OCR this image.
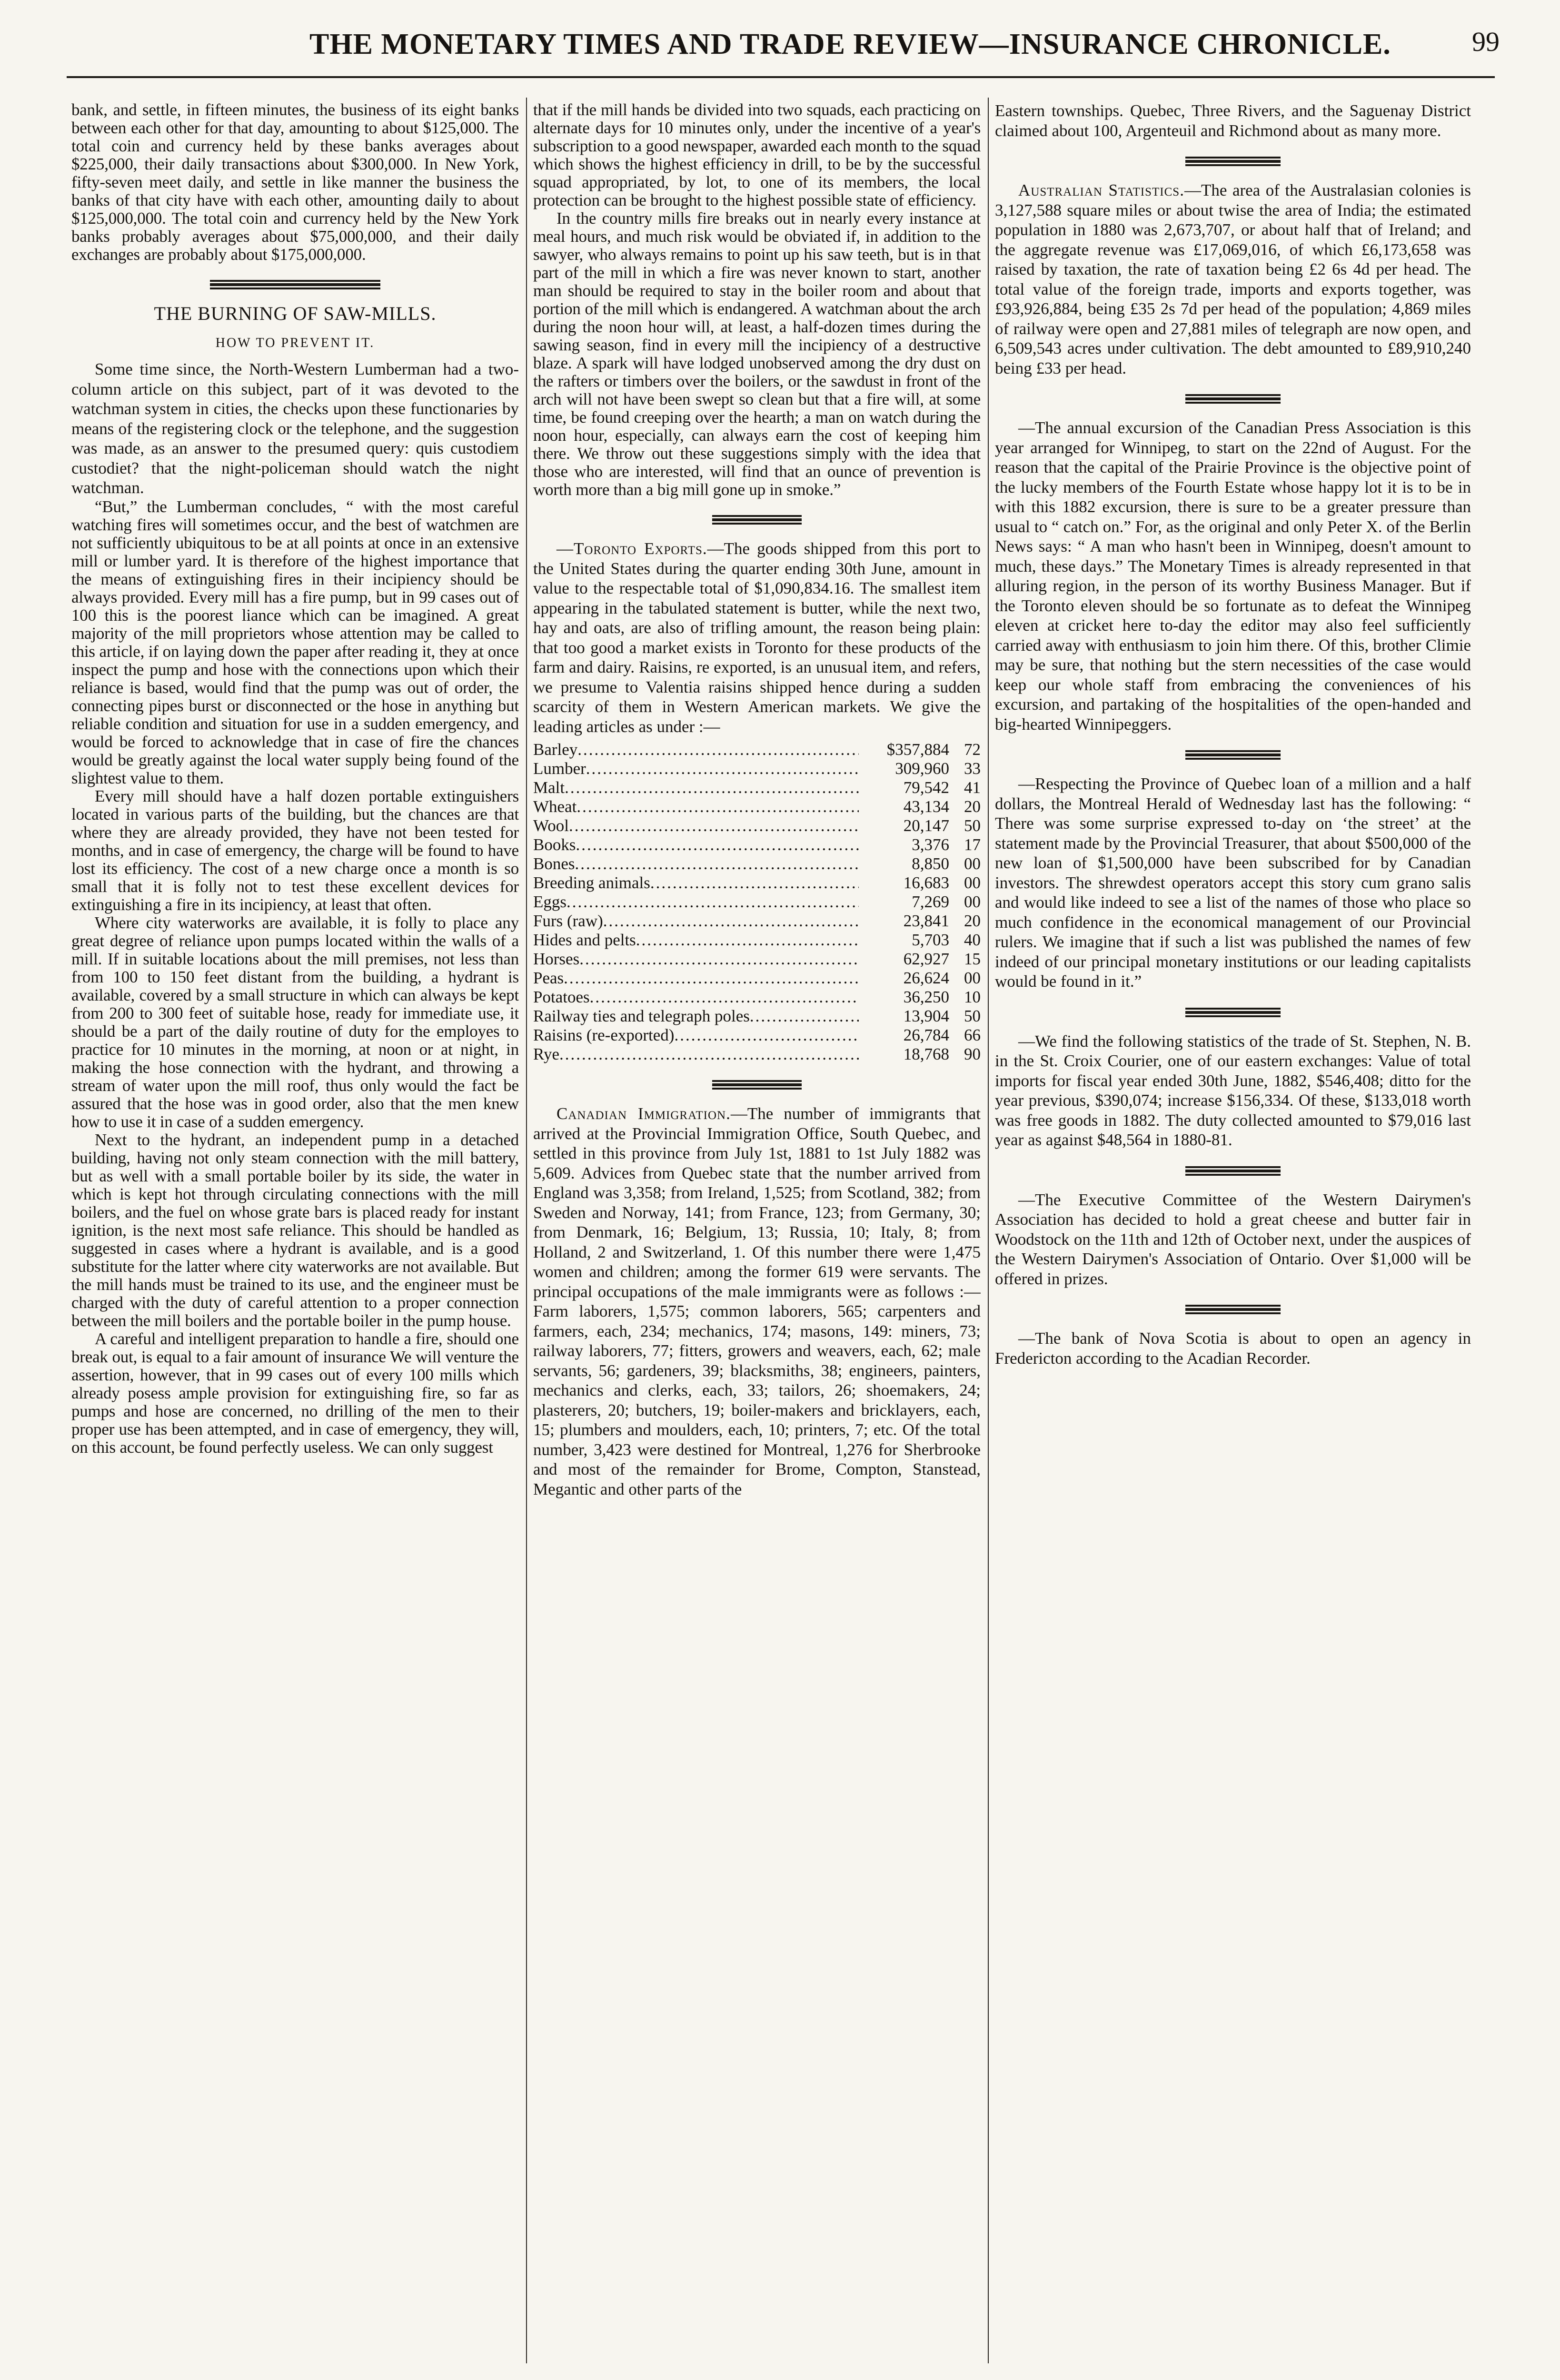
THE MONETARY TIMES AND TRADE REVIEW—INSURANCE CHRONICLE.	99

bank, and settle, in fifteen minutes, the business of its eight banks between each other for that day, amounting to about $125,000. The total coin and currency held by these banks averages about $225,000, their daily transactions about $300,000. In New York, fifty-seven meet daily, and settle in like manner the business the banks of that city have with each other, amounting daily to about $125,000,000. The total coin and currency held by the New York banks probably averages about $75,000,000, and their daily exchanges are probably about $175,000,000.

THE BURNING OF SAW-MILLS.
HOW TO PREVENT IT.

Some time since, the North-Western Lumberman had a two-column article on this subject, part of it was devoted to the watchman system in cities, the checks upon these functionaries by means of the registering clock or the telephone, and the suggestion was made, as an answer to the presumed query: quis custodiem custodiet? that the night-policeman should watch the night watchman.

“But,” the Lumberman concludes, “ with the most careful watching fires will sometimes occur, and the best of watchmen are not sufficiently ubiquitous to be at all points at once in an extensive mill or lumber yard. It is therefore of the highest importance that the means of extinguishing fires in their incipiency should be always provided. Every mill has a fire pump, but in 99 cases out of 100 this is the poorest liance which can be imagined. A great majority of the mill proprietors whose attention may be called to this article, if on laying down the paper after reading it, they at once inspect the pump and hose with the connections upon which their reliance is based, would find that the pump was out of order, the connecting pipes burst or disconnected or the hose in anything but reliable condition and situation for use in a sudden emergency, and would be forced to acknowledge that in case of fire the chances would be greatly against the local water supply being found of the slightest value to them.

Every mill should have a half dozen portable extinguishers located in various parts of the building, but the chances are that where they are already provided, they have not been tested for months, and in case of emergency, the charge will be found to have lost its efficiency. The cost of a new charge once a month is so small that it is folly not to test these excellent devices for extinguishing a fire in its incipiency, at least that often.

Where city waterworks are available, it is folly to place any great degree of reliance upon pumps located within the walls of a mill. If in suitable locations about the mill premises, not less than from 100 to 150 feet distant from the building, a hydrant is available, covered by a small structure in which can always be kept from 200 to 300 feet of suitable hose, ready for immediate use, it should be a part of the daily routine of duty for the employes to practice for 10 minutes in the morning, at noon or at night, in making the hose connection with the hydrant, and throwing a stream of water upon the mill roof, thus only would the fact be assured that the hose was in good order, also that the men knew how to use it in case of a sudden emergency.

Next to the hydrant, an independent pump in a detached building, having not only steam connection with the mill battery, but as well with a small portable boiler by its side, the water in which is kept hot through circulating connections with the mill boilers, and the fuel on whose grate bars is placed ready for instant ignition, is the next most safe reliance. This should be handled as suggested in cases where a hydrant is available, and is a good substitute for the latter where city waterworks are not available. But the mill hands must be trained to its use, and the engineer must be charged with the duty of careful attention to a proper connection between the mill boilers and the portable boiler in the pump house.

A careful and intelligent preparation to handle a fire, should one break out, is equal to a fair amount of insurance We will venture the assertion, however, that in 99 cases out of every 100 mills which already posess ample provision for extinguishing fire, so far as pumps and hose are concerned, no drilling of the men to their proper use has been attempted, and in case of emergency, they will, on this account, be found perfectly useless. We can only suggest

that if the mill hands be divided into two squads, each practicing on alternate days for 10 minutes only, under the incentive of a year's subscription to a good newspaper, awarded each month to the squad which shows the highest efficiency in drill, to be by the successful squad appropriated, by lot, to one of its members, the local protection can be brought to the highest possible state of efficiency.

In the country mills fire breaks out in nearly every instance at meal hours, and much risk would be obviated if, in addition to the sawyer, who always remains to point up his saw teeth, but is in that part of the mill in which a fire was never known to start, another man should be required to stay in the boiler room and about that portion of the mill which is endangered. A watchman about the arch during the noon hour will, at least, a half-dozen times during the sawing season, find in every mill the incipiency of a destructive blaze. A spark will have lodged unobserved among the dry dust on the rafters or timbers over the boilers, or the sawdust in front of the arch will not have been swept so clean but that a fire will, at some time, be found creeping over the hearth; a man on watch during the noon hour, especially, can always earn the cost of keeping him there. We throw out these suggestions simply with the idea that those who are interested, will find that an ounce of prevention is worth more than a big mill gone up in smoke.”

—Toronto Exports.—The goods shipped from this port to the United States during the quarter ending 30th June, amount in value to the respectable total of $1,090,834.16. The smallest item appearing in the tabulated statement is butter, while the next two, hay and oats, are also of trifling amount, the reason being plain: that too good a market exists in Toronto for these products of the farm and dairy. Raisins, re exported, is an unusual item, and refers, we presume to Valentia raisins shipped hence during a sudden scarcity of them in Western American markets. We give the leading articles as under :—

Barley .....	$357,884 72
Lumber .....	309,960 33
Malt .....	79,542 41
Wheat .....	43,134 20
Wool .....	20,147 50
Books .....	3,376 17
Bones .....	8,850 00
Breeding animals .....	16,683 00
Eggs .....	7,269 00
Furs (raw) .....	23,841 20
Hides and pelts .....	5,703 40
Horses .....	62,927 15
Peas .....	26,624 00
Potatoes .....	36,250 10
Railway ties and telegraph poles .....	13,904 50
Raisins (re-exported) .....	26,784 66
Rye .....	18,768 90

Canadian Immigration.—The number of immigrants that arrived at the Provincial Immigration Office, South Quebec, and settled in this province from July 1st, 1881 to 1st July 1882 was 5,609. Advices from Quebec state that the number arrived from England was 3,358; from Ireland, 1,525; from Scotland, 382; from Sweden and Norway, 141; from France, 123; from Germany, 30; from Denmark, 16; Belgium, 13; Russia, 10; Italy, 8; from Holland, 2 and Switzerland, 1. Of this number there were 1,475 women and children; among the former 619 were servants. The principal occupations of the male immigrants were as follows :— Farm laborers, 1,575; common laborers, 565; carpenters and farmers, each, 234; mechanics, 174; masons, 149: miners, 73; railway laborers, 77; fitters, growers and weavers, each, 62; male servants, 56; gardeners, 39; blacksmiths, 38; engineers, painters, mechanics and clerks, each, 33; tailors, 26; shoemakers, 24; plasterers, 20; butchers, 19; boiler-makers and bricklayers, each, 15; plumbers and moulders, each, 10; printers, 7; etc. Of the total number, 3,423 were destined for Montreal, 1,276 for Sherbrooke and most of the remainder for Brome, Compton, Stanstead, Megantic and other parts of the

Eastern townships. Quebec, Three Rivers, and the Saguenay District claimed about 100, Argenteuil and Richmond about as many more.

Australian Statistics.—The area of the Australasian colonies is 3,127,588 square miles or about twise the area of India; the estimated population in 1880 was 2,673,707, or about half that of Ireland; and the aggregate revenue was £17,069,016, of which £6,173,658 was raised by taxation, the rate of taxation being £2 6s 4d per head. The total value of the foreign trade, imports and exports together, was £93,926,884, being £35 2s 7d per head of the population; 4,869 miles of railway were open and 27,881 miles of telegraph are now open, and 6,509,543 acres under cultivation. The debt amounted to £89,910,240 being £33 per head.

—The annual excursion of the Canadian Press Association is this year arranged for Winnipeg, to start on the 22nd of August. For the reason that the capital of the Prairie Province is the objective point of the lucky members of the Fourth Estate whose happy lot it is to be in with this 1882 excursion, there is sure to be a greater pressure than usual to “ catch on.” For, as the original and only Peter X. of the Berlin News says: “ A man who hasn't been in Winnipeg, doesn't amount to much, these days.” The Monetary Times is already represented in that alluring region, in the person of its worthy Business Manager. But if the Toronto eleven should be so fortunate as to defeat the Winnipeg eleven at cricket here to-day the editor may also feel sufficiently carried away with enthusiasm to join him there. Of this, brother Climie may be sure, that nothing but the stern necessities of the case would keep our whole staff from embracing the conveniences of his excursion, and partaking of the hospitalities of the open-handed and big-hearted Winnipeggers.

—Respecting the Province of Quebec loan of a million and a half dollars, the Montreal Herald of Wednesday last has the following: “ There was some surprise expressed to-day on ‘the street’ at the statement made by the Provincial Treasurer, that about $500,000 of the new loan of $1,500,000 have been subscribed for by Canadian investors. The shrewdest operators accept this story cum grano salis and would like indeed to see a list of the names of those who place so much confidence in the economical management of our Provincial rulers. We imagine that if such a list was published the names of few indeed of our principal monetary institutions or our leading capitalists would be found in it.”

—We find the following statistics of the trade of St. Stephen, N. B. in the St. Croix Courier, one of our eastern exchanges: Value of total imports for fiscal year ended 30th June, 1882, $546,408; ditto for the year previous, $390,074; increase $156,334. Of these, $133,018 worth was free goods in 1882. The duty collected amounted to $79,016 last year as against $48,564 in 1880-81.

—The Executive Committee of the Western Dairymen's Association has decided to hold a great cheese and butter fair in Woodstock on the 11th and 12th of October next, under the auspices of the Western Dairymen's Association of Ontario. Over $1,000 will be offered in prizes.

—The bank of Nova Scotia is about to open an agency in Fredericton according to the Acadian Recorder.
